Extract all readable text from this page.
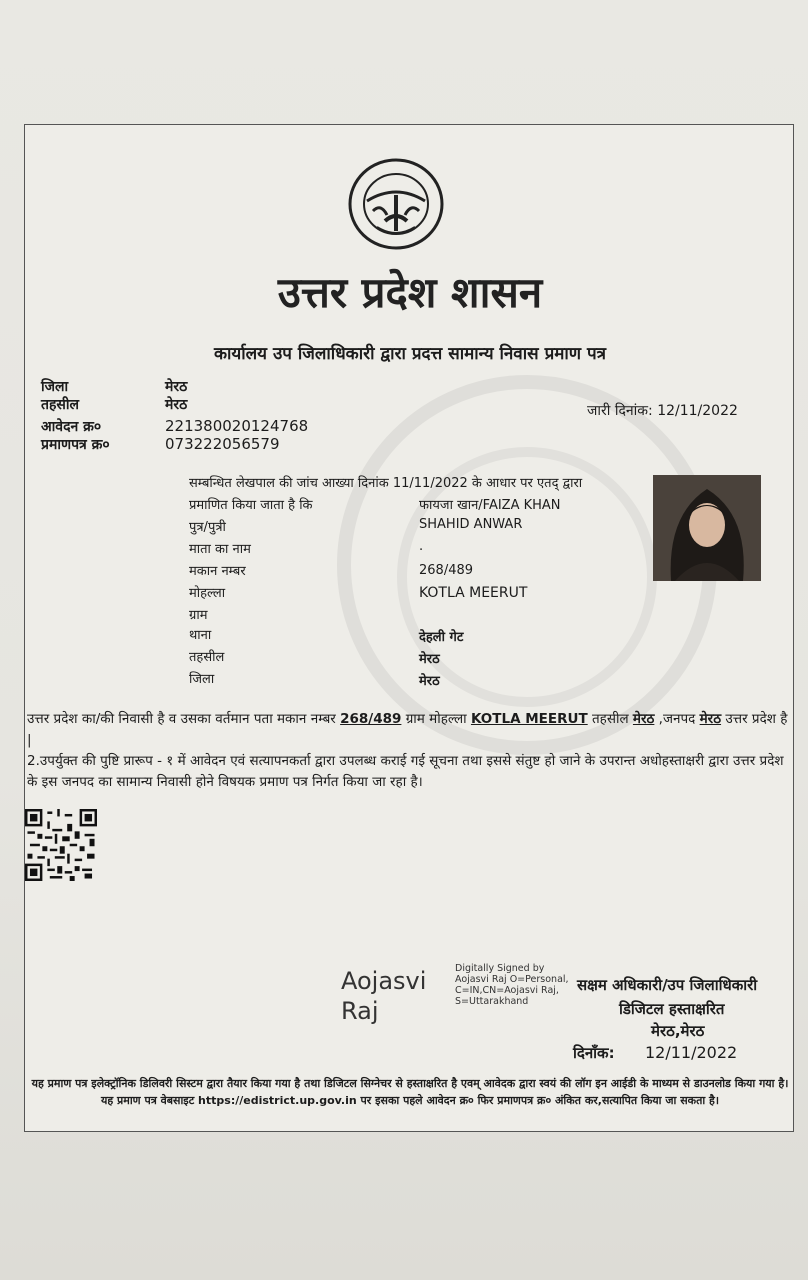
उत्तर प्रदेश शासन
कार्यालय उप जिलाधिकारी द्वारा प्रदत्त सामान्य निवास प्रमाण पत्र
जिला	मेरठ
तहसील	मेरठ
आवेदन क्र०	221380020124768
प्रमाणपत्र क्र०	073222056579
जारी दिनांक: 12/11/2022
सम्बन्धित लेखपाल की जांच आख्या दिनांक 11/11/2022 के आधार पर एतद् द्वारा
प्रमाणित किया जाता है कि	फायजा खान/FAIZA KHAN
पुत्र/पुत्री	SHAHID ANWAR
माता का नाम	.
मकान नम्बर	268/489
मोहल्ला	KOTLA MEERUT
ग्राम
थाना	देहली गेट
तहसील	मेरठ
जिला	मेरठ
उत्तर प्रदेश का/की निवासी है व उसका वर्तमान पता मकान नम्बर 268/489 ग्राम मोहल्ला KOTLA MEERUT तहसील मेरठ ,जनपद मेरठ उत्तर प्रदेश है |
2.उपर्युक्त की पुष्टि प्रारूप - १ में आवेदन एवं सत्यापनकर्ता द्वारा उपलब्ध कराई गई सूचना तथा इससे संतुष्ट हो जाने के उपरान्त अधोहस्ताक्षरी द्वारा उत्तर प्रदेश के इस जनपद का सामान्य निवासी होने विषयक प्रमाण पत्र निर्गत किया जा रहा है।
Aojasvi
Raj
Digitally Signed by
Aojasvi Raj O=Personal,
C=IN,CN=Aojasvi Raj,
S=Uttarakhand
सक्षम अधिकारी/उप जिलाधिकारी
डिजिटल हस्ताक्षरित
मेरठ,मेरठ
दिनाँक: 12/11/2022
यह प्रमाण पत्र इलेक्ट्रॉनिक डिलिवरी सिस्टम द्वारा तैयार किया गया है तथा डिजिटल सिग्नेचर से हस्ताक्षरित है एवम् आवेदक द्वारा स्वयं की लॉग इन आईडी के माध्यम से डाउनलोड किया गया है। यह प्रमाण पत्र वेबसाइट https://edistrict.up.gov.in पर इसका पहले आवेदन क्र० फिर प्रमाणपत्र क्र० अंकित कर,सत्यापित किया जा सकता है।
